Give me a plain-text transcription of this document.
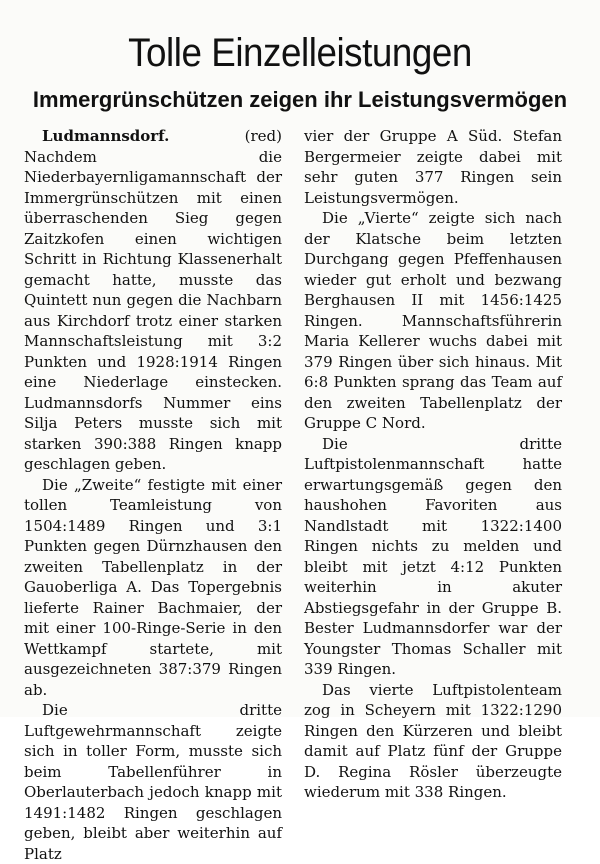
Tolle Einzelleistungen
Immergrünschützen zeigen ihr Leistungsvermögen

Ludmannsdorf. (red) Nachdem die Niederbayernligamannschaft der Immergrünschützen mit einen überraschenden Sieg gegen Zaitzkofen einen wichtigen Schritt in Richtung Klassenerhalt gemacht hatte, musste das Quintett nun gegen die Nachbarn aus Kirchdorf trotz einer starken Mannschaftsleistung mit 3:2 Punkten und 1928:1914 Ringen eine Niederlage einstecken. Ludmannsdorfs Nummer eins Silja Peters musste sich mit starken 390:388 Ringen knapp geschlagen geben.

Die „Zweite“ festigte mit einer tollen Teamleistung von 1504:1489 Ringen und 3:1 Punkten gegen Dürnzhausen den zweiten Tabellenplatz in der Gauoberliga A. Das Topergebnis lieferte Rainer Bachmaier, der mit einer 100-Ringe-Serie in den Wettkampf startete, mit ausgezeichneten 387:379 Ringen ab.

Die dritte Luftgewehrmannschaft zeigte sich in toller Form, musste sich beim Tabellenführer in Oberlauterbach jedoch knapp mit 1491:1482 Ringen geschlagen geben, bleibt aber weiterhin auf Platz

vier der Gruppe A Süd. Stefan Bergermeier zeigte dabei mit sehr guten 377 Ringen sein Leistungsvermögen.

Die „Vierte“ zeigte sich nach der Klatsche beim letzten Durchgang gegen Pfeffenhausen wieder gut erholt und bezwang Berghausen II mit 1456:1425 Ringen. Mannschaftsführerin Maria Kellerer wuchs dabei mit 379 Ringen über sich hinaus. Mit 6:8 Punkten sprang das Team auf den zweiten Tabellenplatz der Gruppe C Nord.

Die dritte Luftpistolenmannschaft hatte erwartungsgemäß gegen den haushohen Favoriten aus Nandlstadt mit 1322:1400 Ringen nichts zu melden und bleibt mit jetzt 4:12 Punkten weiterhin in akuter Abstiegsgefahr in der Gruppe B. Bester Ludmannsdorfer war der Youngster Thomas Schaller mit 339 Ringen.

Das vierte Luftpistolenteam zog in Scheyern mit 1322:1290 Ringen den Kürzeren und bleibt damit auf Platz fünf der Gruppe D. Regina Rösler überzeugte wiederum mit 338 Ringen.
